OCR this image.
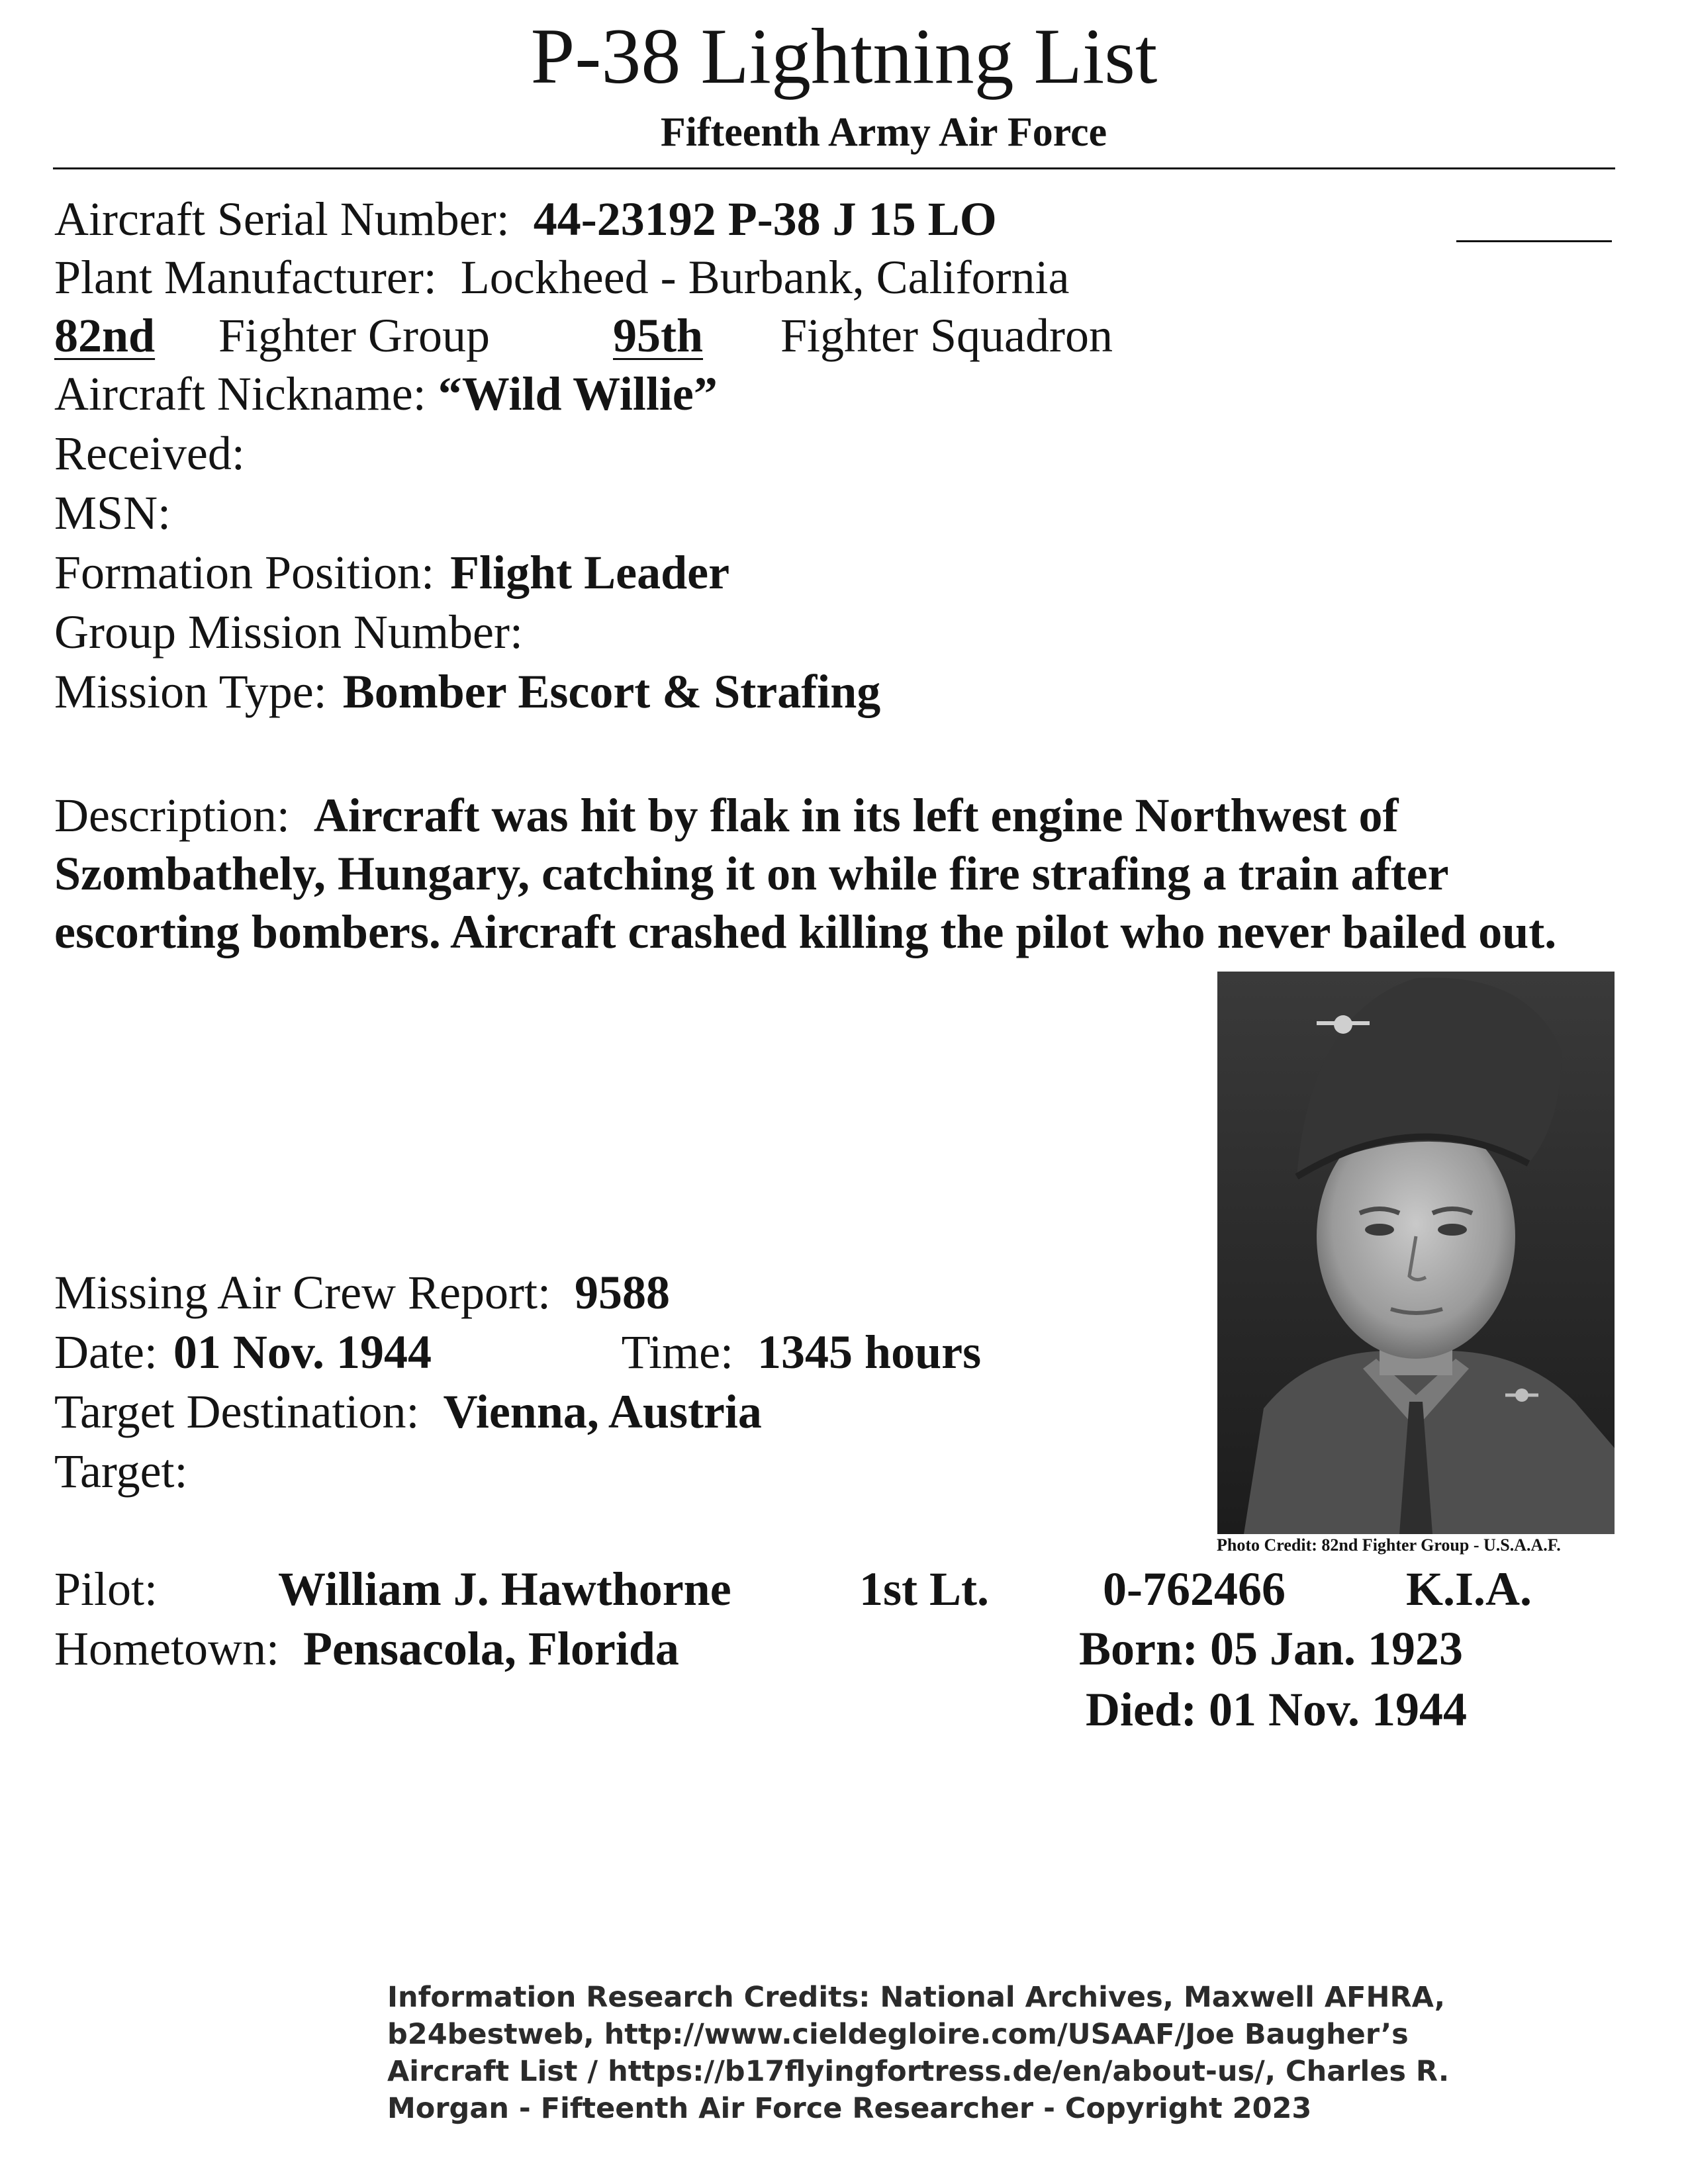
P-38 Lightning List
Fifteenth Army Air Force
Aircraft Serial Number: 44-23192 P-38 J 15 LO
Plant Manufacturer: Lockheed - Burbank, California
82nd Fighter Group	95th Fighter Squadron
Aircraft Nickname: “Wild Willie”
Received:
MSN:
Formation Position: Flight Leader
Group Mission Number:
Mission Type: Bomber Escort & Strafing
Description: Aircraft was hit by flak in its left engine Northwest of Szombathely, Hungary, catching it on while fire strafing a train after escorting bombers. Aircraft crashed killing the pilot who never bailed out.
Photo Credit: 82nd Fighter Group - U.S.A.A.F.
Missing Air Crew Report: 9588
Date: 01 Nov. 1944	Time: 1345 hours
Target Destination: Vienna, Austria
Target:
Pilot:	William J. Hawthorne	1st Lt. 0-762466	K.I.A.
Hometown: Pensacola, Florida	Born: 05 Jan. 1923
Died: 01 Nov. 1944
Information Research Credits: National Archives, Maxwell AFHRA,
b24bestweb, http://www.cieldegloire.com/USAAF/Joe Baugher’s
Aircraft List / https://b17flyingfortress.de/en/about-us/, Charles R.
Morgan - Fifteenth Air Force Researcher - Copyright 2023
